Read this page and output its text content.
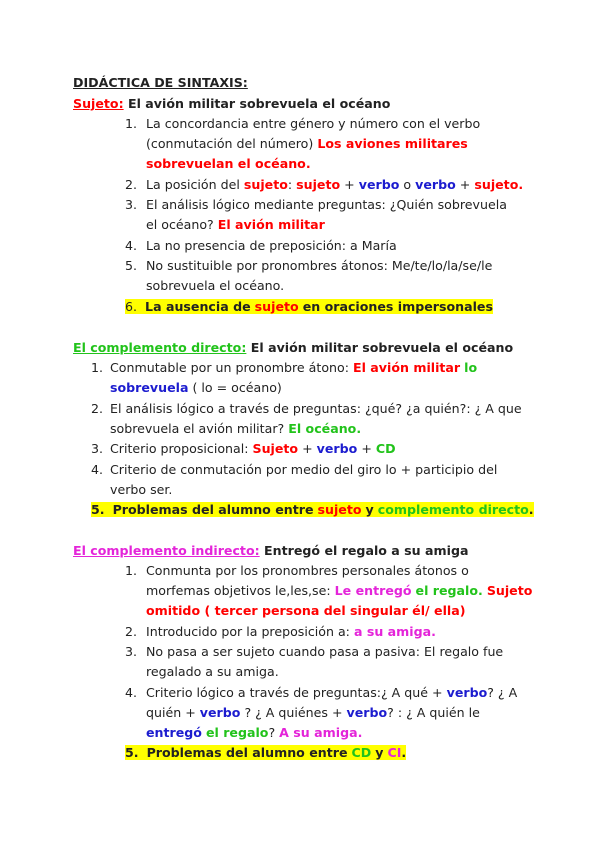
DIDÁCTICA DE SINTAXIS:
Sujeto: El avión militar sobrevuela el océano
1. La concordancia entre género y número con el verbo
(conmutación del número) Los aviones militares
sobrevuelan el océano.
2. La posición del sujeto: sujeto + verbo o verbo + sujeto.
3. El análisis lógico mediante preguntas: ¿Quién sobrevuela
el océano? El avión militar
4. La no presencia de preposición: a María
5. No sustituible por pronombres átonos: Me/te/lo/la/se/le
sobrevuela el océano.
6. La ausencia de sujeto en oraciones impersonales
El complemento directo: El avión militar sobrevuela el océano
1. Conmutable por un pronombre átono: El avión militar lo
sobrevuela ( lo = océano)
2. El análisis lógico a través de preguntas: ¿qué? ¿a quién?: ¿ A que
sobrevuela el avión militar? El océano.
3. Criterio proposicional: Sujeto + verbo + CD
4. Criterio de conmutación por medio del giro lo + participio del
verbo ser.
5. Problemas del alumno entre sujeto y complemento directo.
El complemento indirecto: Entregó el regalo a su amiga
1. Conmunta por los pronombres personales átonos o
morfemas objetivos le,les,se: Le entregó el regalo. Sujeto
omitido ( tercer persona del singular él/ ella)
2. Introducido por la preposición a: a su amiga.
3. No pasa a ser sujeto cuando pasa a pasiva: El regalo fue
regalado a su amiga.
4. Criterio lógico a través de preguntas:¿ A qué + verbo? ¿ A
quién + verbo ? ¿ A quiénes + verbo? : ¿ A quién le
entregó el regalo? A su amiga.
5. Problemas del alumno entre CD y CI.
